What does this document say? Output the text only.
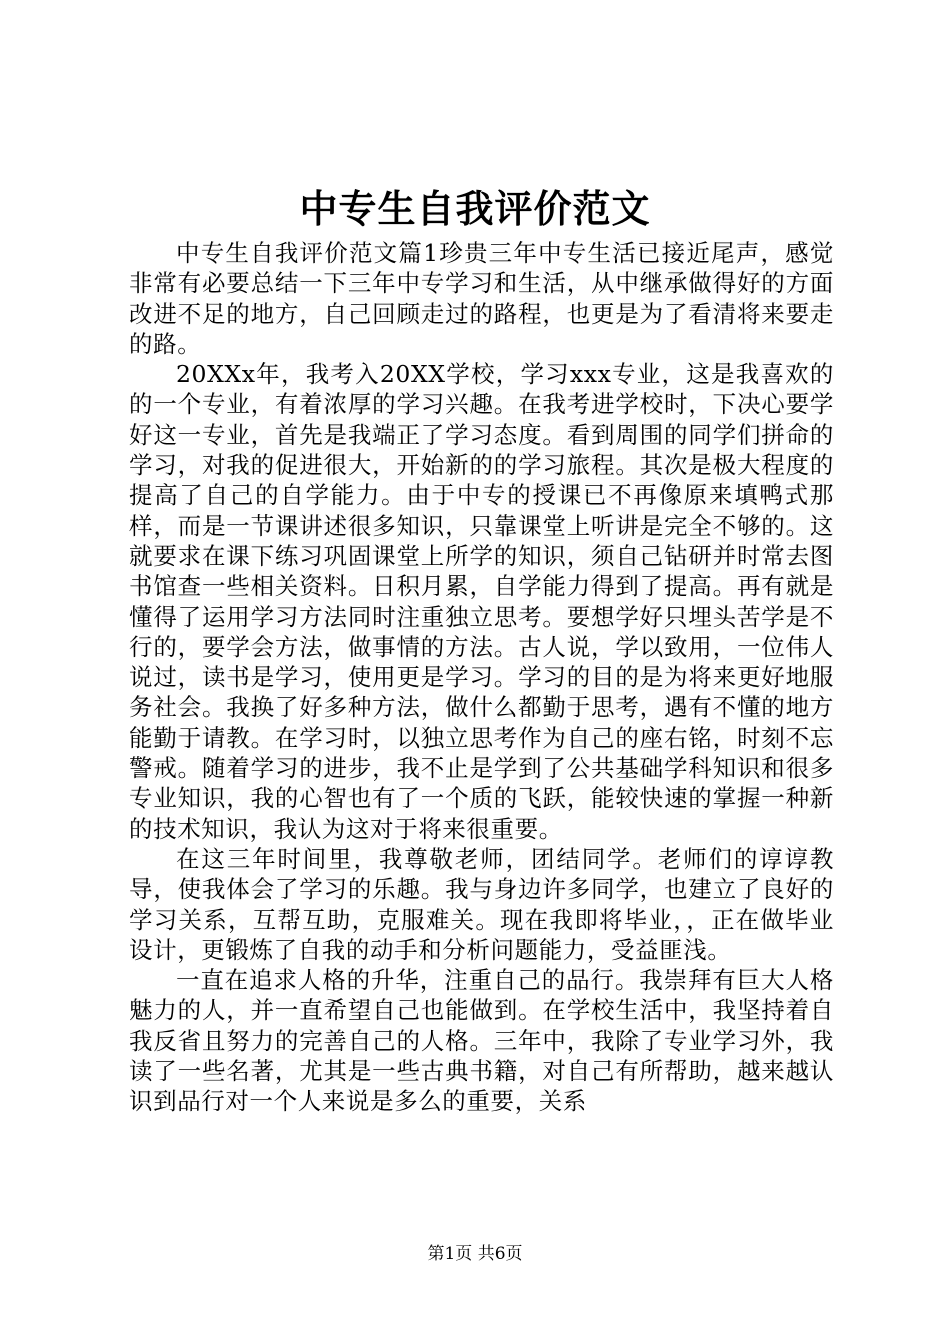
中专生自我评价范文

中专生自我评价范文篇1珍贵三年中专生活已接近尾声，感觉非常有必要总结一下三年中专学习和生活，从中继承做得好的方面改进不足的地方，自己回顾走过的路程，也更是为了看清将来要走的路。

20XXx年，我考入20XX学校，学习xxx专业，这是我喜欢的的一个专业，有着浓厚的学习兴趣。在我考进学校时，下决心要学好这一专业，首先是我端正了学习态度。看到周围的同学们拼命的学习，对我的促进很大，开始新的的学习旅程。其次是极大程度的提高了自己的自学能力。由于中专的授课已不再像原来填鸭式那样，而是一节课讲述很多知识，只靠课堂上听讲是完全不够的。这就要求在课下练习巩固课堂上所学的知识，须自己钻研并时常去图书馆查一些相关资料。日积月累，自学能力得到了提高。再有就是懂得了运用学习方法同时注重独立思考。要想学好只埋头苦学是不行的，要学会方法，做事情的方法。古人说，学以致用，一位伟人说过，读书是学习，使用更是学习。学习的目的是为将来更好地服务社会。我换了好多种方法，做什么都勤于思考，遇有不懂的地方能勤于请教。在学习时，以独立思考作为自己的座右铭，时刻不忘警戒。随着学习的进步，我不止是学到了公共基础学科知识和很多专业知识，我的心智也有了一个质的飞跃，能较快速的掌握一种新的技术知识，我认为这对于将来很重要。

在这三年时间里，我尊敬老师，团结同学。老师们的谆谆教导，使我体会了学习的乐趣。我与身边许多同学，也建立了良好的学习关系，互帮互助，克服难关。现在我即将毕业，，正在做毕业设计，更锻炼了自我的动手和分析问题能力，受益匪浅。

一直在追求人格的升华，注重自己的品行。我崇拜有巨大人格魅力的人，并一直希望自己也能做到。在学校生活中，我坚持着自我反省且努力的完善自己的人格。三年中，我除了专业学习外，我读了一些名著，尤其是一些古典书籍，对自己有所帮助，越来越认识到品行对一个人来说是多么的重要，关系

第1页 共6页
